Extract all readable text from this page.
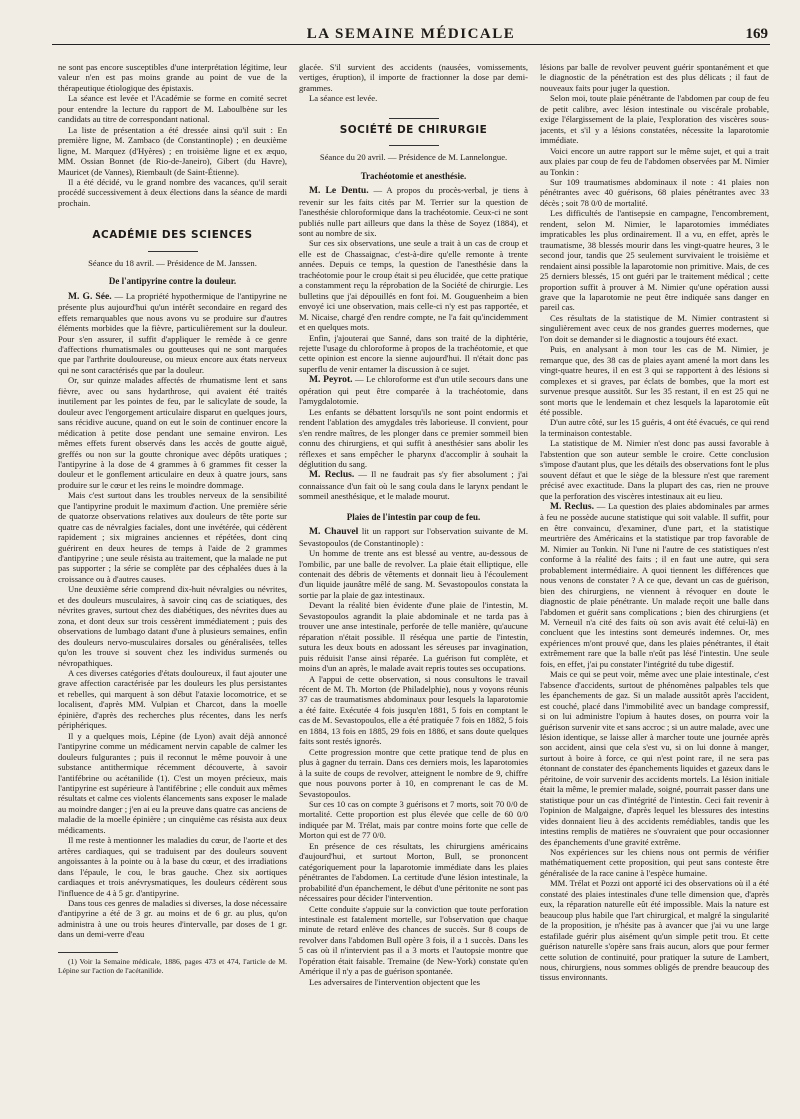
LA SEMAINE MÉDICALE	169

ne sont pas encore susceptibles d'une interprétation légitime, leur valeur n'en est pas moins grande au point de vue de la thérapeutique étiologique des épistaxis.

La séance est levée et l'Académie se forme en comité secret pour entendre la lecture du rapport de M. Laboulbène sur les candidats au titre de correspondant national.

La liste de présentation a été dressée ainsi qu'il suit : En première ligne, M. Zambaco (de Constantinople) ; en deuxième ligne, M. Marquez (d'Hyères) ; en troisième ligne et ex æquo, MM. Ossian Bonnet (de Rio-de-Janeiro), Gibert (du Havre), Mauricet (de Vannes), Riembault (de Saint-Étienne).

Il a été décidé, vu le grand nombre des vacances, qu'il serait procédé successivement à deux élections dans la séance de mardi prochain.

ACADÉMIE DES SCIENCES
Séance du 18 avril. — Présidence de M. Janssen.
De l'antipyrine contre la douleur.

M. G. Sée. — La propriété hypothermique de l'antipyrine ne présente plus aujourd'hui qu'un intérêt secondaire en regard des effets remarquables que nous avons vu se produire sur d'autres éléments morbides que la fièvre, particulièrement sur la douleur. Pour s'en assurer, il suffit d'appliquer le remède à ce genre d'affections rhumatismales ou goutteuses qui ne sont marquées que par l'arthrite douloureuse, ou mieux encore aux états nerveux qui ne sont caractérisés que par la douleur.

Or, sur quinze malades affectés de rhumatisme lent et sans fièvre, avec ou sans hydarthrose, qui avaient été traités inutilement par les pointes de feu, par le salicylate de soude, la douleur avec l'engorgement articulaire disparut en quelques jours, sans récidive aucune, quand on eut le soin de continuer encore la médication à petite dose pendant une semaine environ. Les mêmes effets furent observés dans les accès de goutte aiguë, greffés ou non sur la goutte chronique avec dépôts uratiques ; l'antipyrine à la dose de 4 grammes à 6 grammes fit cesser la douleur et le gonflement articulaire en deux à quatre jours, sans produire sur le cœur et les reins le moindre dommage.

Mais c'est surtout dans les troubles nerveux de la sensibilité que l'antipyrine produit le maximum d'action. Une première série de quatorze observations relatives aux douleurs de tête porte sur quatre cas de névralgies faciales, dont une invétérée, qui cédèrent rapidement ; six migraines anciennes et répétées, dont cinq guérirent en deux heures de temps à l'aide de 2 grammes d'antipyrine ; une seule résista au traitement, que la malade ne put pas supporter ; la série se complète par des céphalées dues à la croissance ou à d'autres causes.

Une deuxième série comprend dix-huit névralgies ou névrites, et des douleurs musculaires, à savoir cinq cas de sciatiques, des névrites graves, surtout chez des diabétiques, des névrites dues au zona, et dont deux sur trois cessèrent immédiatement ; puis des observations de lumbago datant d'une à plusieurs semaines, enfin des douleurs nervo-musculaires dorsales ou généralisées, telles qu'on les trouve si souvent chez les individus surmenés ou névropathiques.

A ces diverses catégories d'états douloureux, il faut ajouter une grave affection caractérisée par les douleurs les plus persistantes et rebelles, qui marquent à son début l'ataxie locomotrice, et se localisent, d'après MM. Vulpian et Charcot, dans la moelle épinière, d'après des recherches plus récentes, dans les nerfs périphériques.

Il y a quelques mois, Lépine (de Lyon) avait déjà annoncé l'antipyrine comme un médicament nervin capable de calmer les douleurs fulgurantes ; puis il reconnut le même pouvoir à une substance antithermique récemment découverte, à savoir l'antifébrine ou acétanilide (1). C'est un moyen précieux, mais l'antipyrine est supérieure à l'antifébrine ; elle conduit aux mêmes résultats et calme ces violents élancements sans exposer le malade au moindre danger ; j'en ai eu la preuve dans quatre cas anciens de maladie de la moelle épinière ; un cinquième cas résista aux deux médicaments.

Il me reste à mentionner les maladies du cœur, de l'aorte et des artères cardiaques, qui se traduisent par des douleurs souvent angoissantes à la pointe ou à la base du cœur, et des irradiations dans l'épaule, le cou, le bras gauche. Chez six aortiques cardiaques et trois anévrysmatiques, les douleurs cédèrent sous l'influence de 4 à 5 gr. d'antipyrine.

Dans tous ces genres de maladies si diverses, la dose nécessaire d'antipyrine a été de 3 gr. au moins et de 6 gr. au plus, qu'on administra à une ou trois heures d'intervalle, par doses de 1 gr. dans un demi-verre d'eau

(1) Voir la Semaine médicale, 1886, pages 473 et 474, l'article de M. Lépine sur l'action de l'acétanilide.

glacée. S'il survient des accidents (nausées, vomissements, vertiges, éruption), il importe de fractionner la dose par demi-grammes.

La séance est levée.

SOCIÉTÉ DE CHIRURGIE
Séance du 20 avril. — Présidence de M. Lannelongue.
Trachéotomie et anesthésie.

M. Le Dentu. — A propos du procès-verbal, je tiens à revenir sur les faits cités par M. Terrier sur la question de l'anesthésie chloroformique dans la trachéotomie. Ceux-ci ne sont publiés nulle part ailleurs que dans la thèse de Soyez (1884), et sont au nombre de six.

Sur ces six observations, une seule a trait à un cas de croup et elle est de Chassaignac, c'est-à-dire qu'elle remonte à trente années. Depuis ce temps, la question de l'anesthésie dans la trachéotomie pour le croup était si peu élucidée, que cette pratique a constamment reçu la réprobation de la Société de chirurgie. Les bulletins que j'ai dépouillés en font foi. M. Gouguenheim a bien envoyé ici une observation, mais celle-ci n'y est pas rapportée, et M. Nicaise, chargé d'en rendre compte, ne l'a fait qu'incidemment et en quelques mots.

Enfin, j'ajouterai que Sanné, dans son traité de la diphtérie, rejette l'usage du chloroforme à propos de la trachéotomie, et que cette opinion est encore la sienne aujourd'hui. Il n'était donc pas superflu de venir entamer la discussion à ce sujet.

M. Peyrot. — Le chloroforme est d'un utile secours dans une opération qui peut être comparée à la trachéotomie, dans l'amygdalotomie.

Les enfants se débattent lorsqu'ils ne sont point endormis et rendent l'ablation des amygdales très laborieuse. Il convient, pour s'en rendre maîtres, de les plonger dans ce premier sommeil bien connu des chirurgiens, et qui suffit à anesthésier sans abolir les réflexes et sans empêcher le pharynx d'accomplir à souhait la déglutition du sang.

M. Reclus. — Il ne faudrait pas s'y fier absolument ; j'ai connaissance d'un fait où le sang coula dans le larynx pendant le sommeil anesthésique, et le malade mourut.

Plaies de l'intestin par coup de feu.

M. Chauvel lit un rapport sur l'observation suivante de M. Sevastopoulos (de Constantinople) :

Un homme de trente ans est blessé au ventre, au-dessous de l'ombilic, par une balle de revolver. La plaie était elliptique, elle contenait des débris de vêtements et donnait lieu à l'écoulement d'un liquide jaunâtre mêlé de sang. M. Sevastopoulos constata la sortie par la plaie de gaz intestinaux.

Devant la réalité bien évidente d'une plaie de l'intestin, M. Sevastopoulos agrandit la plaie abdominale et ne tarda pas à trouver une anse intestinale, perforée de telle manière, qu'aucune réparation n'était possible. Il réséqua une partie de l'intestin, sutura les deux bouts en adossant les séreuses par invagination, puis réduisit l'anse ainsi réparée. La guérison fut complète, et moins d'un an après, le malade avait repris toutes ses occupations.

A l'appui de cette observation, si nous consultons le travail récent de M. Th. Morton (de Philadelphie), nous y voyons réunis 37 cas de traumatismes abdominaux pour lesquels la laparotomie a été faite. Exécutée 4 fois jusqu'en 1881, 5 fois en comptant le cas de M. Sevastopoulos, elle a été pratiquée 7 fois en 1882, 5 fois en 1884, 13 fois en 1885, 29 fois en 1886, et sans doute quelques faits sont restés ignorés.

Cette progression montre que cette pratique tend de plus en plus à gagner du terrain. Dans ces derniers mois, les laparotomies à la suite de coups de revolver, atteignent le nombre de 9, chiffre que nous pouvons porter à 10, en comprenant le cas de M. Sevastopoulos.

Sur ces 10 cas on compte 3 guérisons et 7 morts, soit 70 0/0 de mortalité. Cette proportion est plus élevée que celle de 60 0/0 indiquée par M. Trélat, mais par contre moins forte que celle de Morton qui est de 77 0/0.

En présence de ces résultats, les chirurgiens américains d'aujourd'hui, et surtout Morton, Bull, se prononcent catégoriquement pour la laparotomie immédiate dans les plaies pénétrantes de l'abdomen. La certitude d'une lésion intestinale, la probabilité d'un épanchement, le début d'une péritonite ne sont pas nécessaires pour décider l'intervention.

Cette conduite s'appuie sur la conviction que toute perforation intestinale est fatalement mortelle, sur l'observation que chaque minute de retard enlève des chances de succès. Sur 8 coups de revolver dans l'abdomen Bull opère 3 fois, il a 1 succès. Dans les 5 cas où il n'intervient pas il a 3 morts et l'autopsie montre que l'opération était faisable. Tremaine (de New-York) constate qu'en Amérique il n'y a pas de guérison spontanée.

Les adversaires de l'intervention objectent que les

lésions par balle de revolver peuvent guérir spontanément et que le diagnostic de la pénétration est des plus délicats ; il faut de nouveaux faits pour juger la question.

Selon moi, toute plaie pénétrante de l'abdomen par coup de feu de petit calibre, avec lésion intestinale ou viscérale probable, exige l'élargissement de la plaie, l'exploration des viscères sous-jacents, et s'il y a lésions constatées, nécessite la laparotomie immédiate.

Voici encore un autre rapport sur le même sujet, et qui a trait aux plaies par coup de feu de l'abdomen observées par M. Nimier au Tonkin :

Sur 109 traumatismes abdominaux il note : 41 plaies non pénétrantes avec 40 guérisons, 68 plaies pénétrantes avec 33 décès ; soit 78 0/0 de mortalité.

Les difficultés de l'antisepsie en campagne, l'encombrement, rendent, selon M. Nimier, le laparotomies immédiates impraticables les plus ordinairement. Il a vu, en effet, après le traumatisme, 38 blessés mourir dans les vingt-quatre heures, 3 le second jour, tandis que 25 seulement survivaient le troisième et rendaient ainsi possible la laparotomie non primitive. Mais, de ces 25 derniers blessés, 15 ont guéri par le traitement médical ; cette proportion suffit à prouver à M. Nimier qu'une opération aussi grave que la laparotomie ne peut être indiquée sans danger en pareil cas.

Ces résultats de la statistique de M. Nimier contrastent si singulièrement avec ceux de nos grandes guerres modernes, que l'on doit se demander si le diagnostic a toujours été exact.

Puis, en analysant à mon tour les cas de M. Nimier, je remarque que, des 38 cas de plaies ayant amené la mort dans les vingt-quatre heures, il en est 3 qui se rapportent à des lésions si complexes et si graves, par éclats de bombes, que la mort est survenue presque aussitôt. Sur les 35 restant, il en est 25 qui ne sont morts que le lendemain et chez lesquels la laparotomie eût été possible.

D'un autre côté, sur les 15 guéris, 4 ont été évacués, ce qui rend la terminaison contestable.

La statistique de M. Nimier n'est donc pas aussi favorable à l'abstention que son auteur semble le croire. Cette conclusion s'impose d'autant plus, que les détails des observations font le plus souvent défaut et que le siège de la blessure n'est que rarement précisé avec exactitude. Dans la plupart des cas, rien ne prouve que la perforation des viscères intestinaux ait eu lieu.

M. Reclus. — La question des plaies abdominales par armes à feu ne possède aucune statistique qui soit valable. Il suffit, pour en être convaincu, d'examiner, d'une part, et la statistique meurtrière des Américains et la statistique par trop favorable de M. Nimier au Tonkin. Ni l'une ni l'autre de ces statistiques n'est conforme à la réalité des faits ; il en faut une autre, qui sera probablement intermédiaire. A quoi tiennent les différences que nous venons de constater ? A ce que, devant un cas de guérison, bien des chirurgiens, ne viennent à révoquer en doute le diagnostic de plaie pénétrante. Un malade reçoit une balle dans l'abdomen et guérit sans complications ; bien des chirurgiens (et M. Verneuil n'a cité des faits où son avis avait été celui-là) en concluent que les intestins sont demeurés indemnes. Or, mes expériences m'ont prouvé que, dans les plaies pénétrantes, il était extrêmement rare que la balle n'eût pas lésé l'intestin. Une seule fois, en effet, j'ai pu constater l'intégrité du tube digestif.

Mais ce qui se peut voir, même avec une plaie intestinale, c'est l'absence d'accidents, surtout de phénomènes palpables tels que les épanchements de gaz. Si un malade aussitôt après l'accident, est couché, placé dans l'immobilité avec un bandage compressif, si on lui administre l'opium à hautes doses, on pourra voir la guérison survenir vite et sans accroc ; si un autre malade, avec une lésion identique, se laisse aller à marcher toute une journée après son accident, ainsi que cela s'est vu, si on lui donne à manger, surtout à boire à force, ce qui n'est point rare, il ne sera pas étonnant de constater des épanchements liquides et gazeux dans le péritoine, de voir survenir des accidents mortels. La lésion initiale était la même, le premier malade, soigné, pourrait passer dans une statistique pour un cas d'intégrité de l'intestin. Ceci fait revenir à l'opinion de Malgaigne, d'après lequel les blessures des intestins vides donnaient lieu à des accidents remédiables, tandis que les intestins remplis de matières ne s'ouvraient que pour occasionner des épanchements d'une gravité extrême.

Nos expériences sur les chiens nous ont permis de vérifier mathématiquement cette proposition, qui peut sans conteste être généralisée de la race canine à l'espèce humaine.

MM. Trélat et Pozzi ont apporté ici des observations où il a été constaté des plaies intestinales d'une telle dimension que, d'après eux, la réparation naturelle eût été impossible. Mais la nature est beaucoup plus habile que l'art chirurgical, et malgré la singularité de la proposition, je n'hésite pas à avancer que j'ai vu une large estafilade guérir plus aisément qu'un simple petit trou. Et cette guérison naturelle s'opère sans frais aucun, alors que pour fermer cette solution de continuité, pour pratiquer la suture de Lambert, nous, chirurgiens, nous sommes obligés de prendre beaucoup des tissus environnants.
